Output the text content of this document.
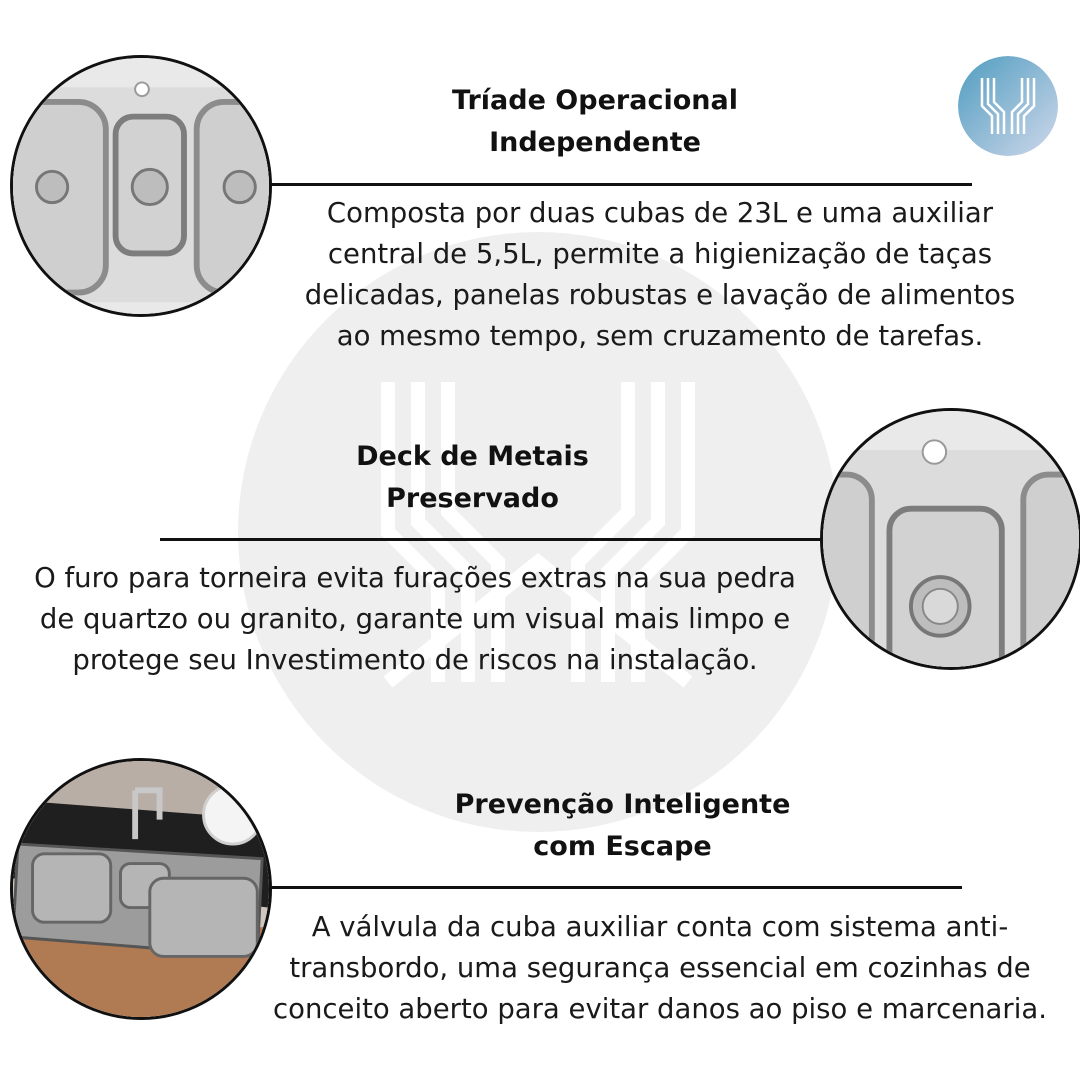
Tríade Operacional
Independente
Composta por duas cubas de 23L e uma auxiliar
central de 5,5L, permite a higienização de taças
delicadas, panelas robustas e lavação de alimentos
ao mesmo tempo, sem cruzamento de tarefas.
Deck de Metais
Preservado
O furo para torneira evita furações extras na sua pedra
de quartzo ou granito, garante um visual mais limpo e
protege seu Investimento de riscos na instalação.
Prevenção Inteligente
com Escape
A válvula da cuba auxiliar conta com sistema anti-
transbordo, uma segurança essencial em cozinhas de
conceito aberto para evitar danos ao piso e marcenaria.
